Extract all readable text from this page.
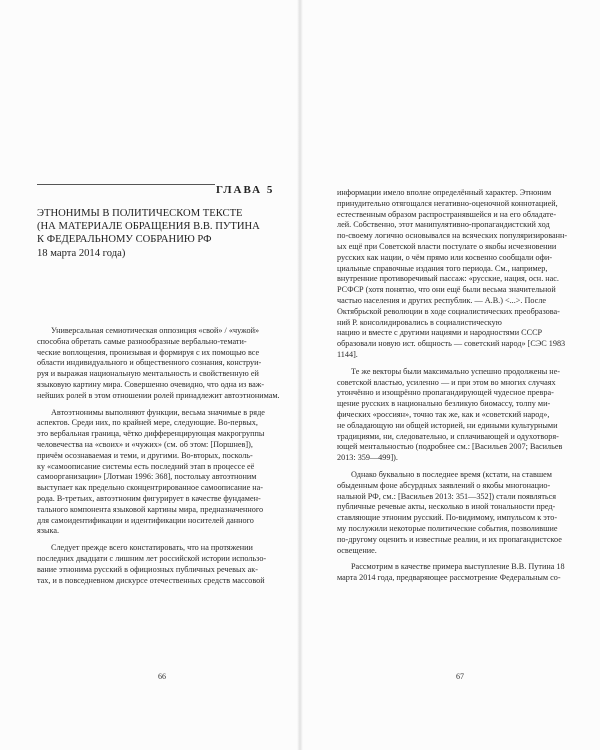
ГЛАВА 5
ЭТНОНИМЫ В ПОЛИТИЧЕСКОМ ТЕКСТЕ
(НА МАТЕРИАЛЕ ОБРАЩЕНИЯ В.В. ПУТИНА
К ФЕДЕРАЛЬНОМУ СОБРАНИЮ РФ
18 марта 2014 года)

Универсальная семиотическая оппозиция «свой» / «чужой»
способна обретать самые разнообразные вербально-темати-
ческие воплощения, пронизывая и формируя с их помощью все
области индивидуального и общественного сознания, конструи-
руя и выражая национальную ментальность и свойственную ей
языковую картину мира. Совершенно очевидно, что одна из важ-
нейших ролей в этом отношении ролей принадлежит автоэтнонимам.

Автоэтнонимы выполняют функции, весьма значимые в ряде
аспектов. Среди них, по крайней мере, следующие. Во-первых,
это вербальная граница, чётко дифференцирующая макрогруппы
человечества на «своих» и «чужих» (см. об этом: [Поршнев]),
причём осознаваемая и теми, и другими. Во-вторых, посколь-
ку «самоописание системы есть последний этап в процессе её
самоорганизации» [Лотман 1996: 368], постольку автоэтноним
выступает как предельно сконцентрированное самоописание на-
рода. В-третьих, автоэтноним фигурирует в качестве фундамен-
тального компонента языковой картины мира, предназначенного
для самоидентификации и идентификации носителей данного
языка.

Следует прежде всего констатировать, что на протяжении
последних двадцати с лишним лет российской истории использо-
вание этнонима русский в официозных публичных речевых ак-
тах, и в повседневном дискурсе отечественных средств массовой

66

информации имело вполне определённый характер. Этноним
принудительно отягощался негативно-оценочной коннотацией,
естественным образом распространявшейся и на его обладате-
лей. Собственно, этот манипулятивно-пропагандистский ход
по-своему логично основывался на всяческих популяризированн-
ых ещё при Советской власти постулате о якобы исчезновении
русских как нации, о чём прямо или косвенно сообщали офи-
циальные справочные издания того периода. См., например,
внутренние противоречивый пассаж: «русские, нация, осн. нас.
РСФСР (хотя понятно, что они ещё были весьма значительной
частью населения и других республик. — А.В.) <...>. После
Октябрьской революции в ходе социалистических преобразова-
ний Р. консолидировались в социалистическую
нацию и вместе с другими нациями и народностями СССР
образовали новую ист. общность — советский народ» [СЭС 1983
1144].

Те же векторы были максимально успешно продолжены не-
советской властью, усиленно — и при этом во многих случаях
утончённо и изощрённо пропагандирующей чудесное превра-
щение русских в национально безликую биомассу, толпу ми-
фических «россиян», точно так же, как и «советский народ»,
не обладающую ни общей историей, ни едиными культурными
традициями, ни, следовательно, и сплачивающей и одухотворя-
ющей ментальностью (подробнее см.: [Васильев 2007; Васильев
2013: 359—499]).

Однако буквально в последнее время (кстати, на ставшем
обыденным фоне абсурдных заявлений о якобы многонацио-
нальной РФ, см.: [Васильев 2013: 351—352]) стали появляться
публичные речевые акты, несколько в иной тональности пред-
ставляющие этноним русский. По-видимому, импульсом к это-
му послужили некоторые политические события, позволившие
по-другому оценить и известные реалии, и их пропагандистское
освещение.

Рассмотрим в качестве примера выступление В.В. Путина 18
марта 2014 года, предваряющее рассмотрение Федеральным со-

67
